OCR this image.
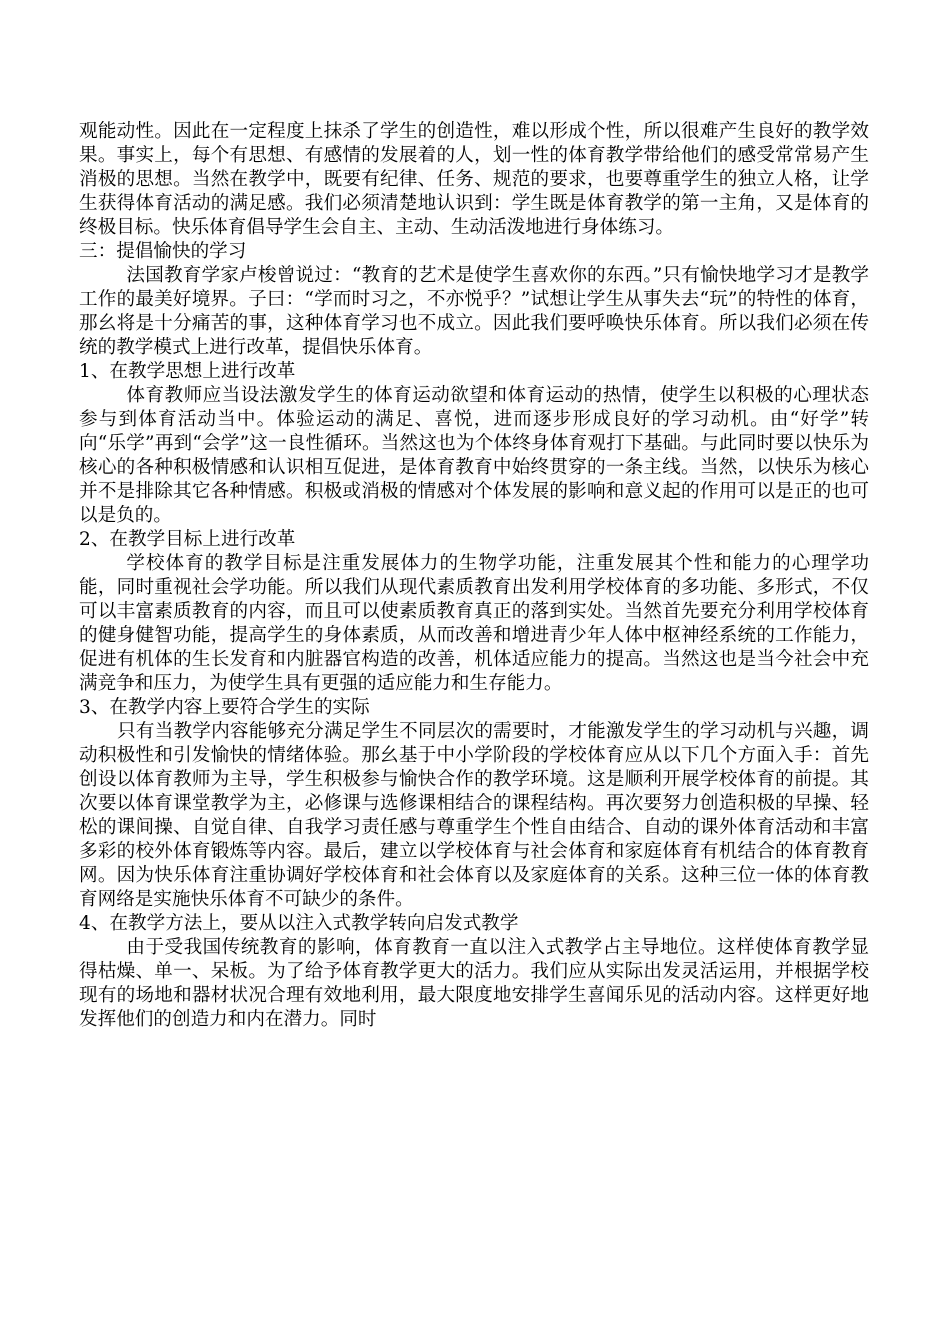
观能动性。因此在一定程度上抹杀了学生的创造性，难以形成个性，所以很难产生良好的教学效果。事实上，每个有思想、有感情的发展着的人，划一性的体育教学带给他们的感受常常易产生消极的思想。当然在教学中，既要有纪律、任务、规范的要求，也要尊重学生的独立人格，让学生获得体育活动的满足感。我们必须清楚地认识到：学生既是体育教学的第一主角，又是体育的终极目标。快乐体育倡导学生会自主、主动、生动活泼地进行身体练习。

三：提倡愉快的学习

法国教育学家卢梭曾说过：“教育的艺术是使学生喜欢你的东西。”只有愉快地学习才是教学工作的最美好境界。子曰：“学而时习之，不亦悦乎？”试想让学生从事失去“玩”的特性的体育，那幺将是十分痛苦的事，这种体育学习也不成立。因此我们要呼唤快乐体育。所以我们必须在传统的教学模式上进行改革，提倡快乐体育。

1、在教学思想上进行改革

体育教师应当设法激发学生的体育运动欲望和体育运动的热情，使学生以积极的心理状态参与到体育活动当中。体验运动的满足、喜悦，进而逐步形成良好的学习动机。由“好学”转向“乐学”再到“会学”这一良性循环。当然这也为个体终身体育观打下基础。与此同时要以快乐为核心的各种积极情感和认识相互促进，是体育教育中始终贯穿的一条主线。当然，以快乐为核心并不是排除其它各种情感。积极或消极的情感对个体发展的影响和意义起的作用可以是正的也可以是负的。

2、在教学目标上进行改革

学校体育的教学目标是注重发展体力的生物学功能，注重发展其个性和能力的心理学功能，同时重视社会学功能。所以我们从现代素质教育出发利用学校体育的多功能、多形式，不仅可以丰富素质教育的内容，而且可以使素质教育真正的落到实处。当然首先要充分利用学校体育的健身健智功能，提高学生的身体素质，从而改善和增进青少年人体中枢神经系统的工作能力，促进有机体的生长发育和内脏器官构造的改善，机体适应能力的提高。当然这也是当今社会中充满竞争和压力，为使学生具有更强的适应能力和生存能力。

3、在教学内容上要符合学生的实际

只有当教学内容能够充分满足学生不同层次的需要时，才能激发学生的学习动机与兴趣，调动积极性和引发愉快的情绪体验。那幺基于中小学阶段的学校体育应从以下几个方面入手：首先创设以体育教师为主导，学生积极参与愉快合作的教学环境。这是顺利开展学校体育的前提。其次要以体育课堂教学为主，必修课与选修课相结合的课程结构。再次要努力创造积极的早操、轻松的课间操、自觉自律、自我学习责任感与尊重学生个性自由结合、自动的课外体育活动和丰富多彩的校外体育锻炼等内容。最后，建立以学校体育与社会体育和家庭体育有机结合的体育教育网。因为快乐体育注重协调好学校体育和社会体育以及家庭体育的关系。这种三位一体的体育教育网络是实施快乐体育不可缺少的条件。

4、在教学方法上，要从以注入式教学转向启发式教学

由于受我国传统教育的影响，体育教育一直以注入式教学占主导地位。这样使体育教学显得枯燥、单一、呆板。为了给予体育教学更大的活力。我们应从实际出发灵活运用，并根据学校现有的场地和器材状况合理有效地利用，最大限度地安排学生喜闻乐见的活动内容。这样更好地发挥他们的创造力和内在潜力。同时
